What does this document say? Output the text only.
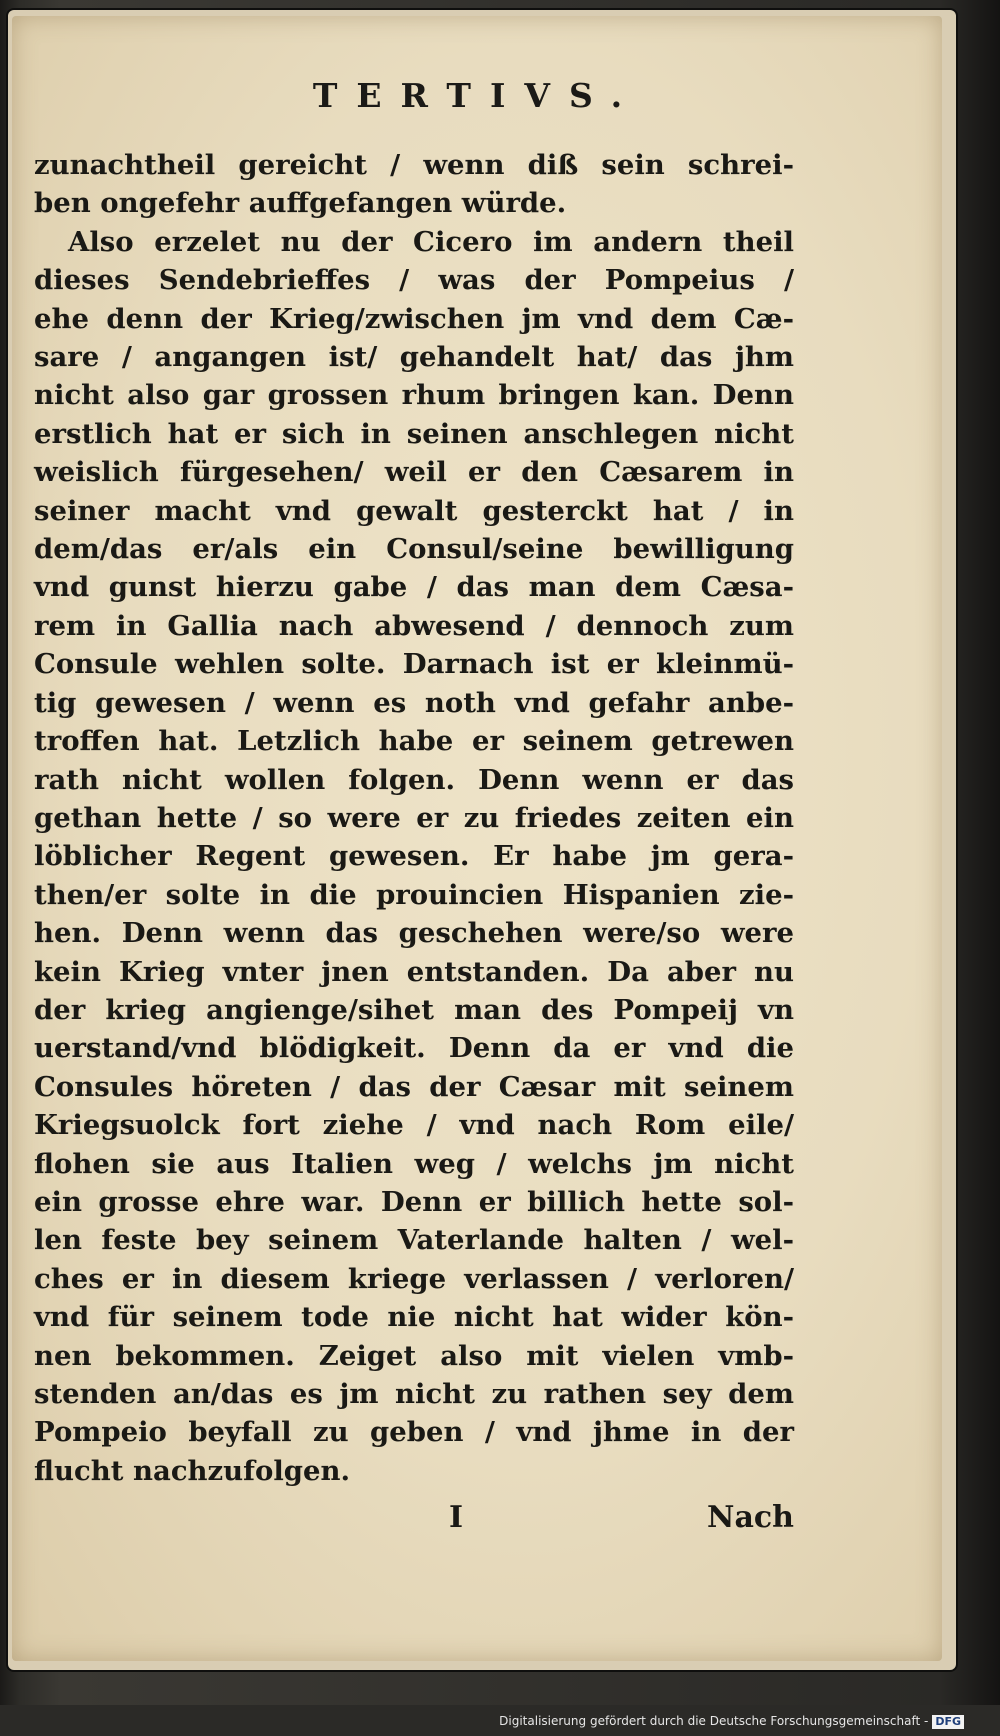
TERTIVS.
zunachtheil gereicht / wenn diß sein schrei-
ben ongefehr auffgefangen würde.
Also erzelet nu der Cicero im andern theil
dieses Sendebrieffes / was der Pompeius /
ehe denn der Krieg/zwischen jm vnd dem Cæ-
sare / angangen ist/ gehandelt hat/ das jhm
nicht also gar grossen rhum bringen kan. Denn
erstlich hat er sich in seinen anschlegen nicht
weislich fürgesehen/ weil er den Cæsarem in
seiner macht vnd gewalt gesterckt hat / in
dem/das er/als ein Consul/seine bewilligung
vnd gunst hierzu gabe / das man dem Cæsa-
rem in Gallia nach abwesend / dennoch zum
Consule wehlen solte. Darnach ist er kleinmü-
tig gewesen / wenn es noth vnd gefahr anbe-
troffen hat. Letzlich habe er seinem getrewen
rath nicht wollen folgen. Denn wenn er das
gethan hette / so were er zu friedes zeiten ein
löblicher Regent gewesen. Er habe jm gera-
then/er solte in die prouincien Hispanien zie-
hen. Denn wenn das geschehen were/so were
kein Krieg vnter jnen entstanden. Da aber nu
der krieg angienge/sihet man des Pompeij vn
uerstand/vnd blödigkeit. Denn da er vnd die
Consules höreten / das der Cæsar mit seinem
Kriegsuolck fort ziehe / vnd nach Rom eile/
flohen sie aus Italien weg / welchs jm nicht
ein grosse ehre war. Denn er billich hette sol-
len feste bey seinem Vaterlande halten / wel-
ches er in diesem kriege verlassen / verloren/
vnd für seinem tode nie nicht hat wider kön-
nen bekommen. Zeiget also mit vielen vmb-
stenden an/das es jm nicht zu rathen sey dem
Pompeio beyfall zu geben / vnd jhme in der
flucht nachzufolgen.
I	Nach
Digitalisierung gefördert durch die Deutsche Forschungsgemeinschaft - DFG
